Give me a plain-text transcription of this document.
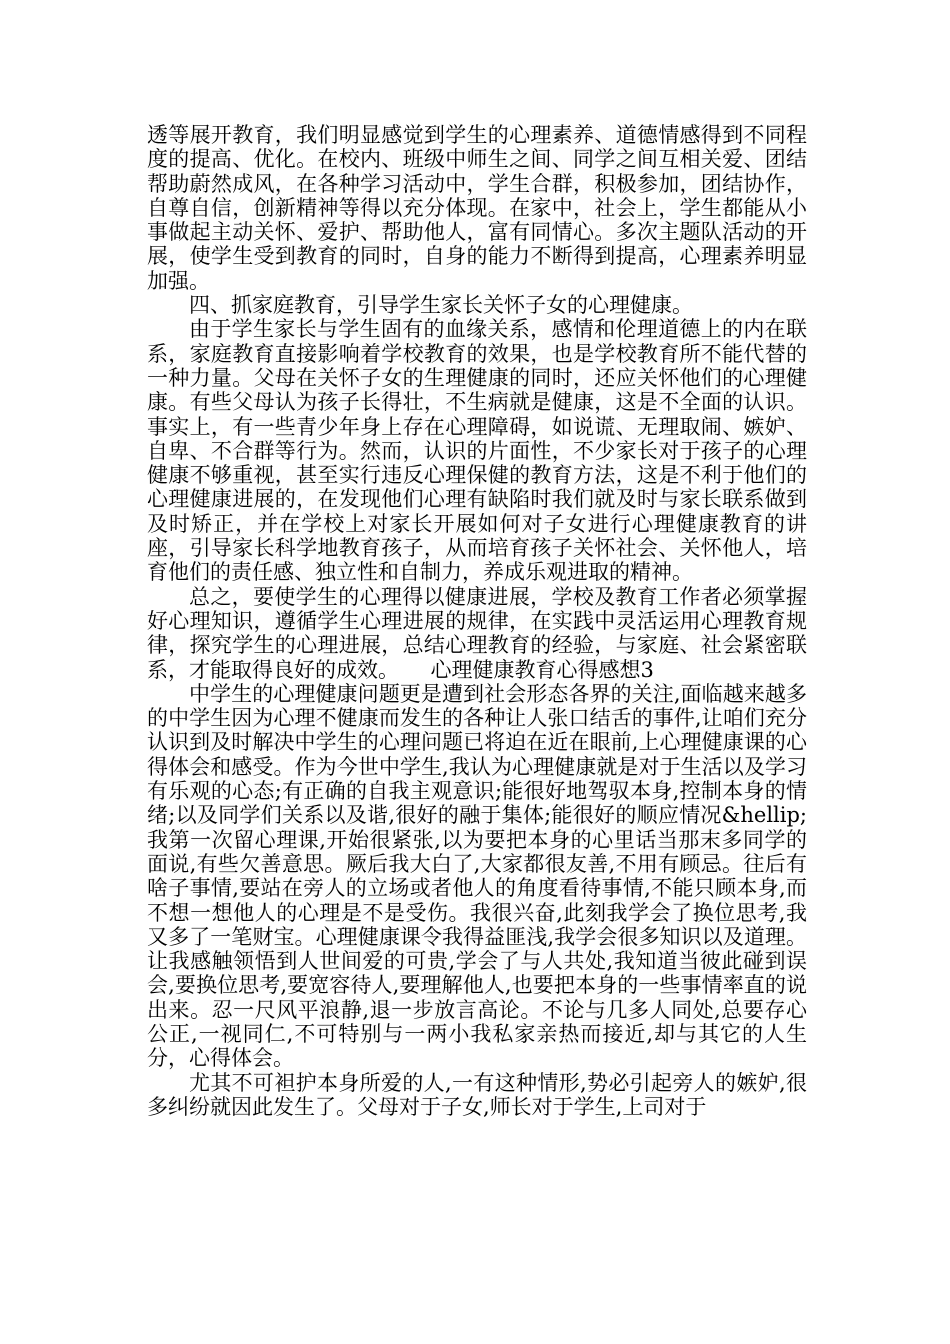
透等展开教育，我们明显感觉到学生的心理素养、道德情感得到不同程度的提高、优化。在校内、班级中师生之间、同学之间互相关爱、团结帮助蔚然成风，在各种学习活动中，学生合群，积极参加，团结协作，自尊自信，创新精神等得以充分体现。在家中，社会上，学生都能从小事做起主动关怀、爱护、帮助他人，富有同情心。多次主题队活动的开展，使学生受到教育的同时，自身的能力不断得到提高，心理素养明显加强。

四、抓家庭教育，引导学生家长关怀子女的心理健康。

由于学生家长与学生固有的血缘关系，感情和伦理道德上的内在联系，家庭教育直接影响着学校教育的效果，也是学校教育所不能代替的一种力量。父母在关怀子女的生理健康的同时，还应关怀他们的心理健康。有些父母认为孩子长得壮，不生病就是健康，这是不全面的认识。事实上，有一些青少年身上存在心理障碍，如说谎、无理取闹、嫉妒、自卑、不合群等行为。然而，认识的片面性，不少家长对于孩子的心理健康不够重视，甚至实行违反心理保健的教育方法，这是不利于他们的心理健康进展的，在发现他们心理有缺陷时我们就及时与家长联系做到及时矫正，并在学校上对家长开展如何对子女进行心理健康教育的讲座，引导家长科学地教育孩子，从而培育孩子关怀社会、关怀他人，培育他们的责任感、独立性和自制力，养成乐观进取的精神。

总之，要使学生的心理得以健康进展，学校及教育工作者必须掌握好心理知识，遵循学生心理进展的规律，在实践中灵活运用心理教育规律，探究学生的心理进展，总结心理教育的经验，与家庭、社会紧密联系，才能取得良好的成效。　　心理健康教育心得感想3

中学生的心理健康问题更是遭到社会形态各界的关注,面临越来越多的中学生因为心理不健康而发生的各种让人张口结舌的事件,让咱们充分认识到及时解决中学生的心理问题已将迫在近在眼前,上心理健康课的心得体会和感受。作为今世中学生,我认为心理健康就是对于生活以及学习有乐观的心态;有正确的自我主观意识;能很好地驾驭本身,控制本身的情绪;以及同学们关系以及谐,很好的融于集体;能很好的顺应情况&hellip;我第一次留心理课,开始很紧张,以为要把本身的心里话当那末多同学的面说,有些欠善意思。厥后我大白了,大家都很友善,不用有顾忌。往后有啥子事情,要站在旁人的立场或者他人的角度看待事情,不能只顾本身,而不想一想他人的心理是不是受伤。我很兴奋,此刻我学会了换位思考,我又多了一笔财宝。心理健康课令我得益匪浅,我学会很多知识以及道理。让我感触领悟到人世间爱的可贵,学会了与人共处,我知道当彼此碰到误会,要换位思考,要宽容待人,要理解他人,也要把本身的一些事情率直的说出来。忍一尺风平浪静,退一步放言高论。不论与几多人同处,总要存心公正,一视同仁,不可特别与一两小我私家亲热而接近,却与其它的人生分，心得体会。

尤其不可袒护本身所爱的人,一有这种情形,势必引起旁人的嫉妒,很多纠纷就因此发生了。父母对于子女,师长对于学生,上司对于
